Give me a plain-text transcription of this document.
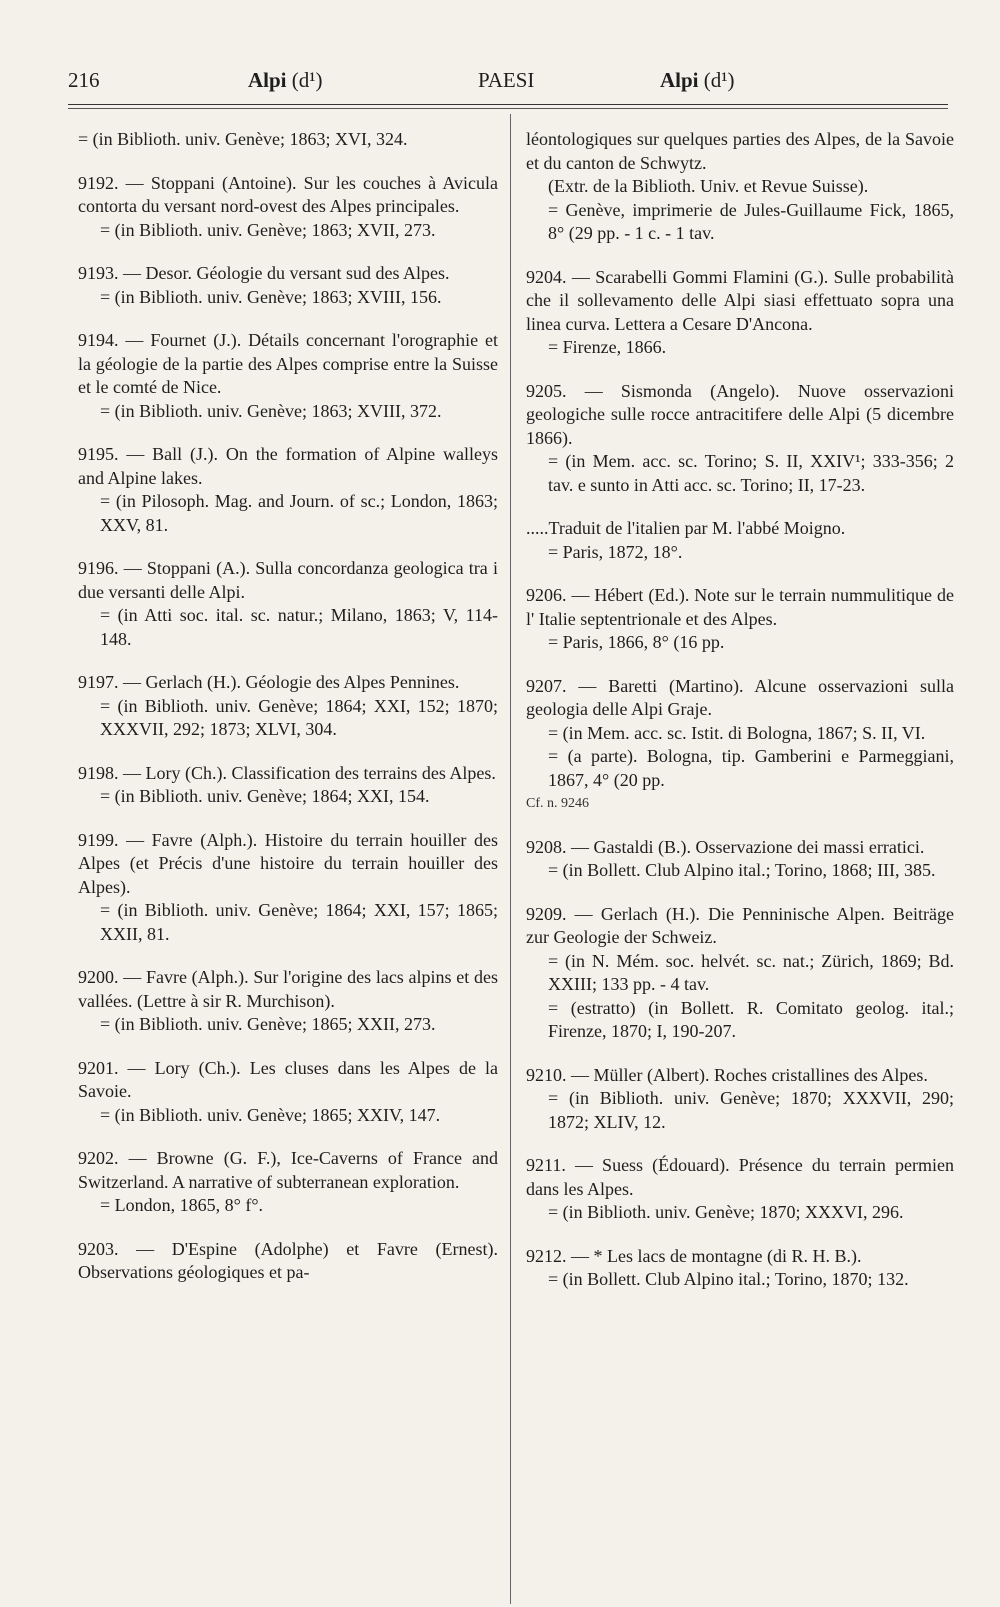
216	Alpi (d¹)	PAESI	Alpi (d¹)

= (in Biblioth. univ. Genève; 1863; XVI, 324.

9192. — Stoppani (Antoine). Sur les couches à Avicula contorta du versant nord-ovest des Alpes principales.

= (in Biblioth. univ. Genève; 1863; XVII, 273.

9193. — Desor. Géologie du versant sud des Alpes.

= (in Biblioth. univ. Genève; 1863; XVIII, 156.

9194. — Fournet (J.). Détails concernant l'orographie et la géologie de la partie des Alpes comprise entre la Suisse et le comté de Nice.

= (in Biblioth. univ. Genève; 1863; XVIII, 372.

9195. — Ball (J.). On the formation of Alpine walleys and Alpine lakes.

= (in Pilosoph. Mag. and Journ. of sc.; London, 1863; XXV, 81.

9196. — Stoppani (A.). Sulla concordanza geologica tra i due versanti delle Alpi.

= (in Atti soc. ital. sc. natur.; Milano, 1863; V, 114-148.

9197. — Gerlach (H.). Géologie des Alpes Pennines.

= (in Biblioth. univ. Genève; 1864; XXI, 152; 1870; XXXVII, 292; 1873; XLVI, 304.

9198. — Lory (Ch.). Classification des terrains des Alpes.

= (in Biblioth. univ. Genève; 1864; XXI, 154.

9199. — Favre (Alph.). Histoire du terrain houiller des Alpes (et Précis d'une histoire du terrain houiller des Alpes).

= (in Biblioth. univ. Genève; 1864; XXI, 157; 1865; XXII, 81.

9200. — Favre (Alph.). Sur l'origine des lacs alpins et des vallées. (Lettre à sir R. Murchison).

= (in Biblioth. univ. Genève; 1865; XXII, 273.

9201. — Lory (Ch.). Les cluses dans les Alpes de la Savoie.

= (in Biblioth. univ. Genève; 1865; XXIV, 147.

9202. — Browne (G. F.), Ice-Caverns of France and Switzerland. A narrative of subterranean exploration.

= London, 1865, 8° f°.

9203. — D'Espine (Adolphe) et Favre (Ernest). Observations géologiques et pa-

léontologiques sur quelques parties des Alpes, de la Savoie et du canton de Schwytz.

(Extr. de la Biblioth. Univ. et Revue Suisse).

= Genève, imprimerie de Jules-Guillaume Fick, 1865, 8° (29 pp. - 1 c. - 1 tav.

9204. — Scarabelli Gommi Flamini (G.). Sulle probabilità che il sollevamento delle Alpi siasi effettuato sopra una linea curva. Lettera a Cesare D'Ancona.

= Firenze, 1866.

9205. — Sismonda (Angelo). Nuove osservazioni geologiche sulle rocce antracitifere delle Alpi (5 dicembre 1866).

= (in Mem. acc. sc. Torino; S. II, XXIV¹; 333-356; 2 tav. e sunto in Atti acc. sc. Torino; II, 17-23.

.....Traduit de l'italien par M. l'abbé Moigno.

= Paris, 1872, 18°.

9206. — Hébert (Ed.). Note sur le terrain nummulitique de l' Italie septentrionale et des Alpes.

= Paris, 1866, 8° (16 pp.

9207. — Baretti (Martino). Alcune osservazioni sulla geologia delle Alpi Graje.

= (in Mem. acc. sc. Istit. di Bologna, 1867; S. II, VI.

= (a parte). Bologna, tip. Gamberini e Parmeggiani, 1867, 4° (20 pp.

Cf. n. 9246

9208. — Gastaldi (B.). Osservazione dei massi erratici.

= (in Bollett. Club Alpino ital.; Torino, 1868; III, 385.

9209. — Gerlach (H.). Die Penninische Alpen. Beiträge zur Geologie der Schweiz.

= (in N. Mém. soc. helvét. sc. nat.; Zürich, 1869; Bd. XXIII; 133 pp. - 4 tav.

= (estratto) (in Bollett. R. Comitato geolog. ital.; Firenze, 1870; I, 190-207.

9210. — Müller (Albert). Roches cristallines des Alpes.

= (in Biblioth. univ. Genève; 1870; XXXVII, 290; 1872; XLIV, 12.

9211. — Suess (Édouard). Présence du terrain permien dans les Alpes.

= (in Biblioth. univ. Genève; 1870; XXXVI, 296.

9212. — * Les lacs de montagne (di R. H. B.).

= (in Bollett. Club Alpino ital.; Torino, 1870; 132.
